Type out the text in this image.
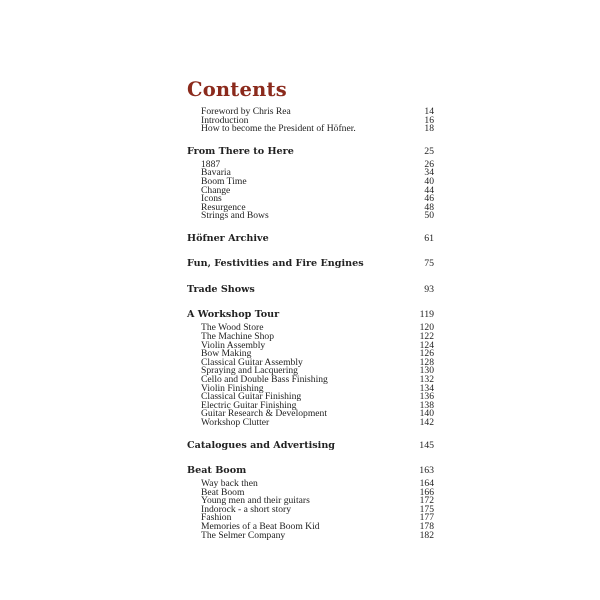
Contents
Foreword by Chris Rea	14
Introduction	16
How to become the President of Höfner.	18
From There to Here	25
1887	26
Bavaria	34
Boom Time	40
Change	44
Icons	46
Resurgence	48
Strings and Bows	50
Höfner Archive	61
Fun, Festivities and Fire Engines	75
Trade Shows	93
A Workshop Tour	119
The Wood Store	120
The Machine Shop	122
Violin Assembly	124
Bow Making	126
Classical Guitar Assembly	128
Spraying and Lacquering	130
Cello and Double Bass Finishing	132
Violin Finishing	134
Classical Guitar Finishing	136
Electric Guitar Finishing	138
Guitar Research & Development	140
Workshop Clutter	142
Catalogues and Advertising	145
Beat Boom	163
Way back then	164
Beat Boom	166
Young men and their guitars	172
Indorock - a short story	175
Fashion	177
Memories of a Beat Boom Kid	178
The Selmer Company	182
